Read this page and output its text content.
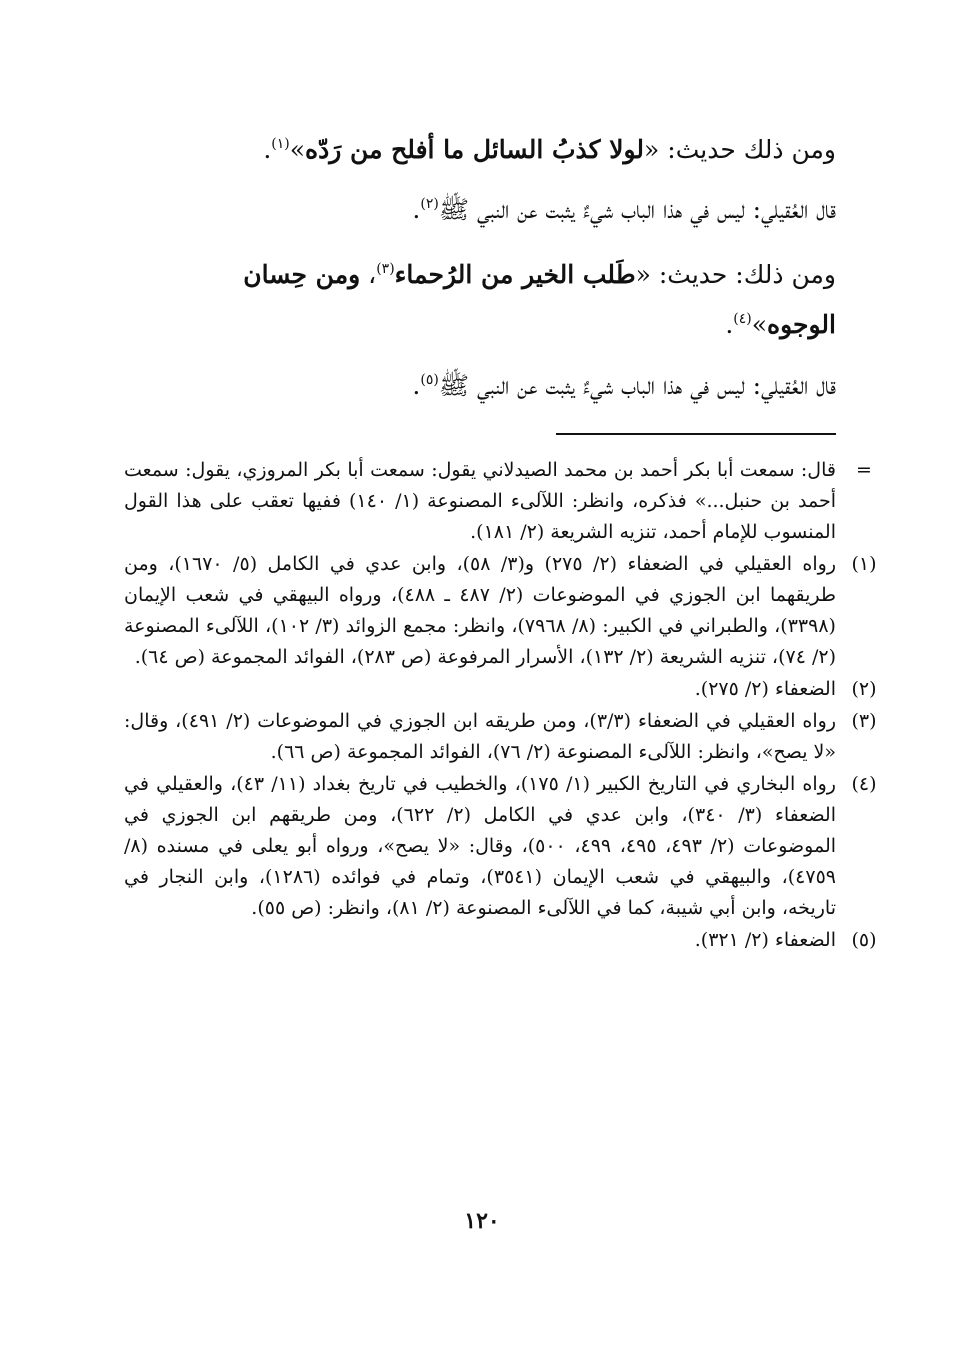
ومن ذلك حديث: «لولا كذبُ السائل ما أفلح من رَدّه»$^{(١)}$.

قال العُقيلي: ليس في هذا الباب شيءٌ يثبت عن النبي ﷺ$^{(٢)}$.

ومن ذلك: حديث: «طَلب الخير من الرُحماء$^{(٣)}$، ومن حِسان الوجوه»$^{(٤)}$.

قال العُقيلي: ليس في هذا الباب شيءٌ يثبت عن النبي ﷺ$^{(٥)}$.

=
قال: سمعت أبا بكر أحمد بن محمد الصيدلاني يقول: سمعت أبا بكر المروزي، يقول: سمعت أحمد بن حنبل...» فذكره، وانظر: اللآلىء المصنوعة (١/ ١٤٠) ففيها تعقب على هذا القول المنسوب للإمام أحمد، تنزيه الشريعة (٢/ ١٨١).

(١)
رواه العقيلي في الضعفاء (٢/ ٢٧٥) و(٣/ ٥٨)، وابن عدي في الكامل (٥/ ١٦٧٠)، ومن طريقهما ابن الجوزي في الموضوعات (٢/ ٤٨٧ ـ ٤٨٨)، ورواه البيهقي في شعب الإيمان (٣٣٩٨)، والطبراني في الكبير: (٨/ ٧٩٦٨)، وانظر: مجمع الزوائد (٣/ ١٠٢)، اللآلىء المصنوعة (٢/ ٧٤)، تنزيه الشريعة (٢/ ١٣٢)، الأسرار المرفوعة (ص ٢٨٣)، الفوائد المجموعة (ص ٦٤).

(٢)
الضعفاء (٢/ ٢٧٥).

(٣)
رواه العقيلي في الضعفاء (٣/٣)، ومن طريقه ابن الجوزي في الموضوعات (٢/ ٤٩١)، وقال: «لا يصح»، وانظر: اللآلىء المصنوعة (٢/ ٧٦)، الفوائد المجموعة (ص ٦٦).

(٤)
رواه البخاري في التاريخ الكبير (١/ ١٧٥)، والخطيب في تاريخ بغداد (١١/ ٤٣)، والعقيلي في الضعفاء (٣/ ٣٤٠)، وابن عدي في الكامل (٢/ ٦٢٢)، ومن طريقهم ابن الجوزي في الموضوعات (٢/ ٤٩٣، ٤٩٥، ٤٩٩، ٥٠٠)، وقال: «لا يصح»، ورواه أبو يعلى في مسنده (٨/ ٤٧٥٩)، والبيهقي في شعب الإيمان (٣٥٤١)، وتمام في فوائده (١٢٨٦)، وابن النجار في تاريخه، وابن أبي شيبة، كما في اللآلىء المصنوعة (٢/ ٨١)، وانظر: (ص ٥٥).

(٥)
الضعفاء (٢/ ٣٢١).

١٢٠
